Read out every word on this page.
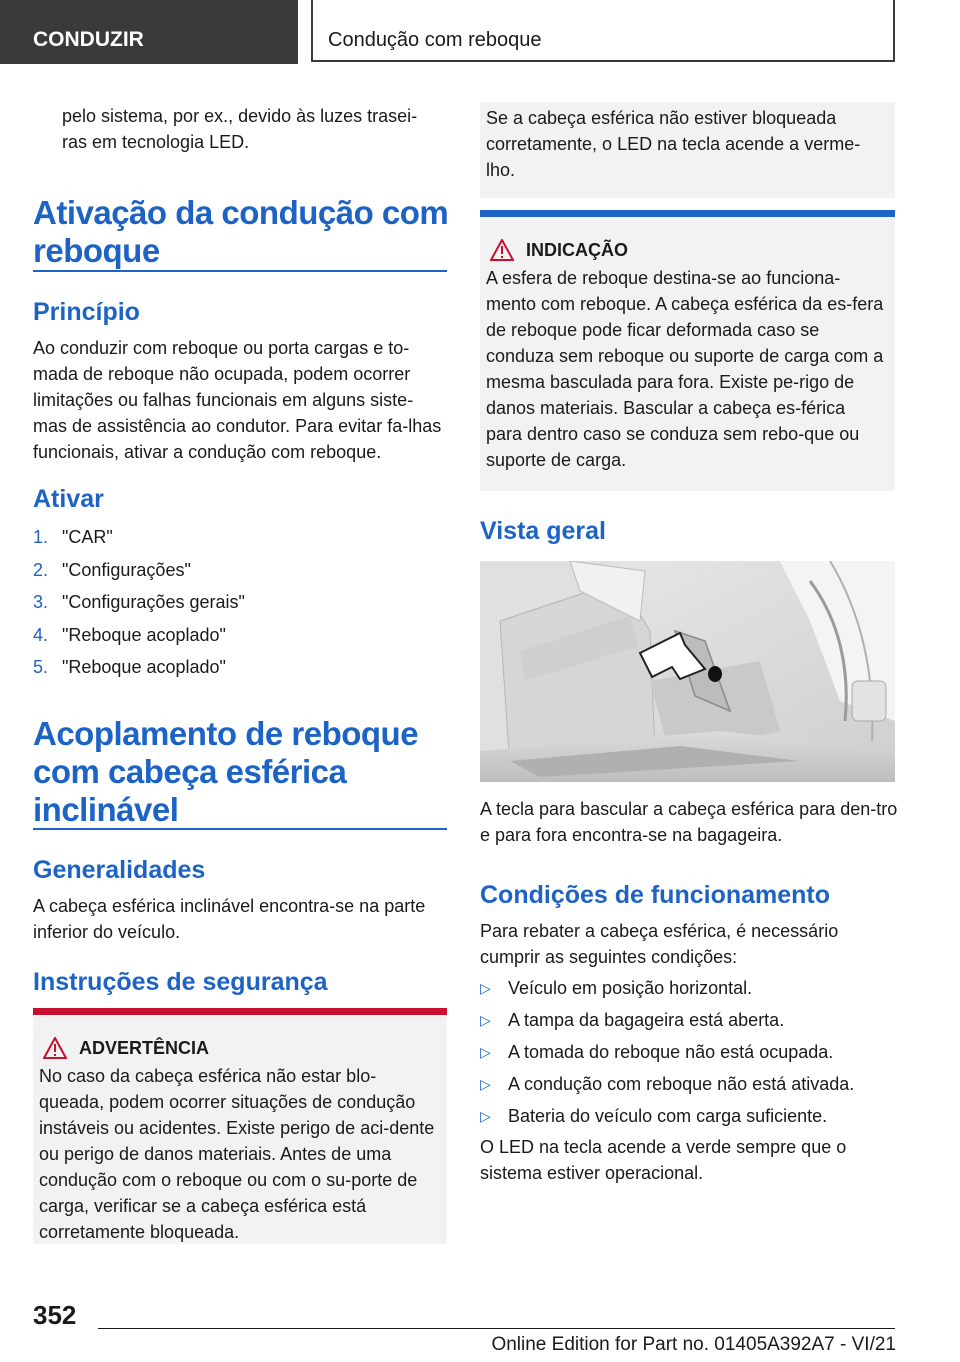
CONDUZIR	Condução com reboque

pelo sistema, por ex., devido às luzes trasei-
ras em tecnologia LED.

Ativação da condução com reboque
Princípio

Ao conduzir com reboque ou porta cargas e to-mada de reboque não ocupada, podem ocorrer limitações ou falhas funcionais em alguns siste-mas de assistência ao condutor. Para evitar fa-lhas funcionais, ativar a condução com reboque.

Ativar
1. "CAR"
2. "Configurações"
3. "Configurações gerais"
4. "Reboque acoplado"
5. "Reboque acoplado"
Acoplamento de reboque com cabeça esférica inclinável
Generalidades

A cabeça esférica inclinável encontra-se na parte inferior do veículo.

Instruções de segurança
ADVERTÊNCIA

No caso da cabeça esférica não estar blo-queada, podem ocorrer situações de condução instáveis ou acidentes. Existe perigo de aci-dente ou perigo de danos materiais. Antes de uma condução com o reboque ou com o su-porte de carga, verificar se a cabeça esférica está corretamente bloqueada.

Se a cabeça esférica não estiver bloqueada corretamente, o LED na tecla acende a verme-lho.

INDICAÇÃO

A esfera de reboque destina-se ao funciona-mento com reboque. A cabeça esférica da es-fera de reboque pode ficar deformada caso se conduza sem reboque ou suporte de carga com a mesma basculada para fora. Existe pe-rigo de danos materiais. Bascular a cabeça es-férica para dentro caso se conduza sem rebo-que ou suporte de carga.

Vista geral

A tecla para bascular a cabeça esférica para den-tro e para fora encontra-se na bagageira.

Condições de funcionamento

Para rebater a cabeça esférica, é necessário cumprir as seguintes condições:

▷ Veículo em posição horizontal.
▷ A tampa da bagageira está aberta.
▷ A tomada do reboque não está ocupada.
▷ A condução com reboque não está ativada.
▷ Bateria do veículo com carga suficiente.

O LED na tecla acende a verde sempre que o sistema estiver operacional.

352
Online Edition for Part no. 01405A392A7 - VI/21
